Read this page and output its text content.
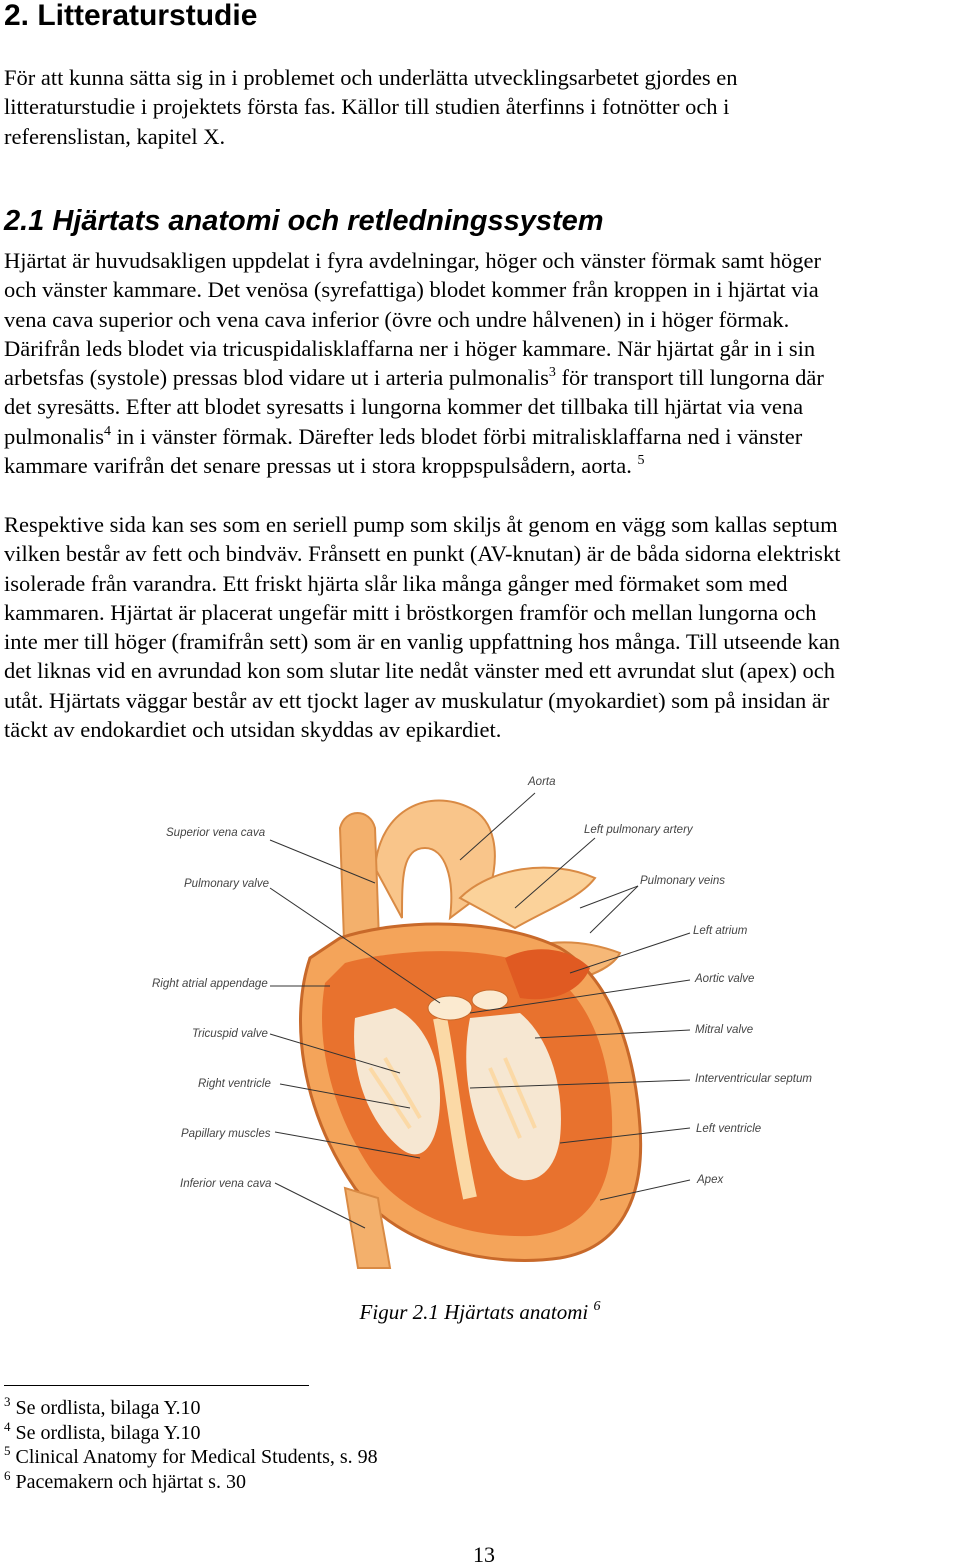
2. Litteraturstudie
För att kunna sätta sig in i problemet och underlätta utvecklingsarbetet gjordes en
litteraturstudie i projektets första fas. Källor till studien återfinns i fotnötter och i
referenslistan, kapitel X.
2.1 Hjärtats anatomi och retledningssystem
Hjärtat är huvudsakligen uppdelat i fyra avdelningar, höger och vänster förmak samt höger
och vänster kammare. Det venösa (syrefattiga) blodet kommer från kroppen in i hjärtat via
vena cava superior och vena cava inferior (övre och undre hålvenen) in i höger förmak.
Därifrån leds blodet via tricuspidalisklaffarna ner i höger kammare. När hjärtat går in i sin
arbetsfas (systole) pressas blod vidare ut i arteria pulmonalis$^3$ för transport till lungorna där
det syresätts. Efter att blodet syresatts i lungorna kommer det tillbaka till hjärtat via vena
pulmonalis$^4$ in i vänster förmak. Därefter leds blodet förbi mitralisklaffarna ned i vänster
kammare varifrån det senare pressas ut i stora kroppspulsådern, aorta. $^5$
Respektive sida kan ses som en seriell pump som skiljs åt genom en vägg som kallas septum
vilken består av fett och bindväv. Frånsett en punkt (AV-knutan) är de båda sidorna elektriskt
isolerade från varandra. Ett friskt hjärta slår lika många gånger med förmaket som med
kammaren. Hjärtat är placerat ungefär mitt i bröstkorgen framför och mellan lungorna och
inte mer till höger (framifrån sett) som är en vanlig uppfattning hos många. Till utseende kan
det liknas vid en avrundad kon som slutar lite nedåt vänster med ett avrundat slut (apex) och
utåt. Hjärtats väggar består av ett tjockt lager av muskulatur (myokardiet) som på insidan är
täckt av endokardiet och utsidan skyddas av epikardiet.
Aorta
Superior vena cava	Left pulmonary artery
Pulmonary valve	Pulmonary veins
Left atrium
Right atrial appendage	Aortic valve
Tricuspid valve	Mitral valve
Right ventricle	Interventricular septum
Papillary muscles	Left ventricle
Inferior vena cava	Apex
Figur 2.1 Hjärtats anatomi $^6$
$^3$ Se ordlista, bilaga Y.10
$^4$ Se ordlista, bilaga Y.10
$^5$ Clinical Anatomy for Medical Students, s. 98
$^6$ Pacemakern och hjärtat s. 30
13
